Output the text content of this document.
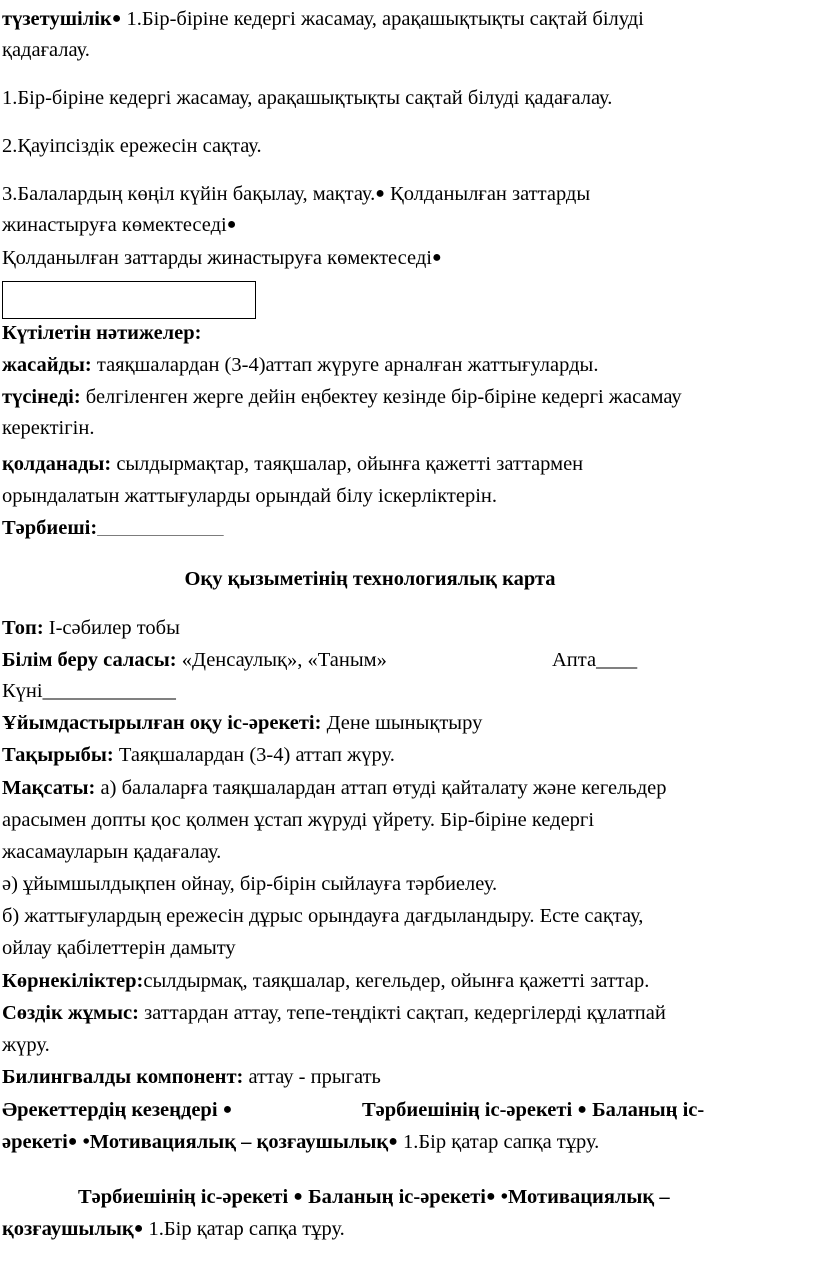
түзетушілік● 1.Бір-біріне кедергі жасамау, арақашықтықты сақтай білуді
қадағалау.
1.Бір-біріне кедергі жасамау, арақашықтықты сақтай білуді қадағалау.
2.Қауіпсіздік ережесін сақтау.
3.Балалардың көңіл күйін бақылау, мақтау.● Қолданылған заттарды
жинастыруға көмектеседі●
Қолданылған заттарды жинастыруға көмектеседі●
Күтілетін нәтижелер:
жасайды: таяқшалардан (3-4)аттап жүруге арналған жаттығуларды.
түсінеді: белгіленген жерге дейін еңбектеу кезінде бір-біріне кедергі жасамау
керектігін.
қолданады: сылдырмақтар, таяқшалар, ойынға қажетті заттармен
орындалатын жаттығуларды орындай білу іскерліктерін.
Тәрбиеші:_______________________
Оқу қызыметінің технологиялық карта
Топ: І-сәбилер тобы
Білім беру саласы: «Денсаулық», «Таным»	Апта____
Күні_____________
Ұйымдастырылған оқу іс-әрекеті: Дене шынықтыру
Тақырыбы: Таяқшалардан (3-4) аттап жүру.
Мақсаты: а) балаларға таяқшалардан аттап өтуді қайталату және кегельдер
арасымен допты қос қолмен ұстап жүруді үйрету. Бір-біріне кедергі
жасамауларын қадағалау.
ә) ұйымшылдықпен ойнау, бір-бірін сыйлауға тәрбиелеу.
б) жаттығулардың ережесін дұрыс орындауға дағдыландыру. Есте сақтау,
ойлау қабілеттерін дамыту
Көрнекіліктер:сылдырмақ, таяқшалар, кегельдер, ойынға қажетті заттар.
Сөздік жұмыс: заттардан аттау, тепе-теңдікті сақтап, кедергілерді құлатпай
жүру.
Билингвалды компонент: аттау - прыгать
Әрекеттердің кезеңдері ●	Тәрбиешінің іс-әрекеті ● Баланың іс-
әрекеті● •Мотивациялық – қозғаушылық● 1.Бір қатар сапқа тұру.
Тәрбиешінің іс-әрекеті ● Баланың іс-әрекеті● •Мотивациялық –
қозғаушылық● 1.Бір қатар сапқа тұру.
